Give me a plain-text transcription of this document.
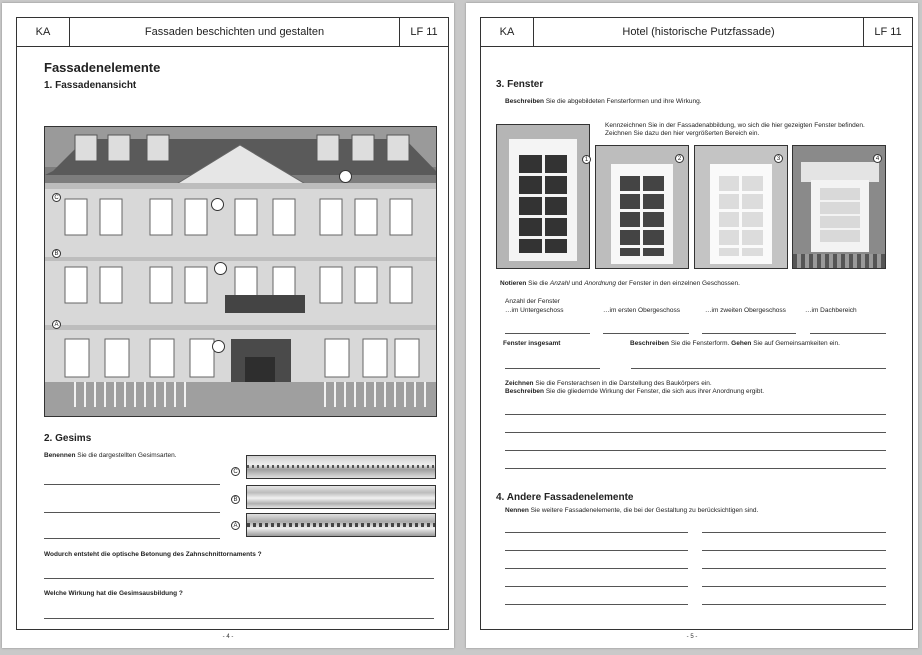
KA	Fassaden beschichten und gestalten	LF 11
Fassadenelemente
1. Fassadenansicht
C
B
A
2. Gesims
Benennen Sie die dargestellten Gesimsarten.
C
B
A
Wodurch entsteht die optische Betonung des Zahnschnittornaments ?
Welche Wirkung hat die Gesimsausbildung ?
- 4 -
KA	Hotel (historische Putzfassade)	LF 11
3. Fenster
Beschreiben Sie die abgebildeten Fensterformen und ihre Wirkung.
Kennzeichnen Sie in der Fassadenabbildung, wo sich die hier gezeigten Fenster befinden.
Zeichnen Sie dazu den hier vergrößerten Bereich ein.
1	2	3	4
Notieren Sie die Anzahl und Anordnung der Fenster in den einzelnen Geschossen.
Anzahl der Fenster
…im Untergeschoss	…im ersten Obergeschoss	…im zweiten Obergeschoss	…im Dachbereich
Fenster insgesamt	Beschreiben Sie die Fensterform. Gehen Sie auf Gemeinsamkeiten ein.
Zeichnen Sie die Fensterachsen in die Darstellung des Baukörpers ein.
Beschreiben Sie die gliedernde Wirkung der Fenster, die sich aus ihrer Anordnung ergibt.
4. Andere Fassadenelemente
Nennen Sie weitere Fassadenelemente, die bei der Gestaltung zu berücksichtigen sind.
- 5 -
